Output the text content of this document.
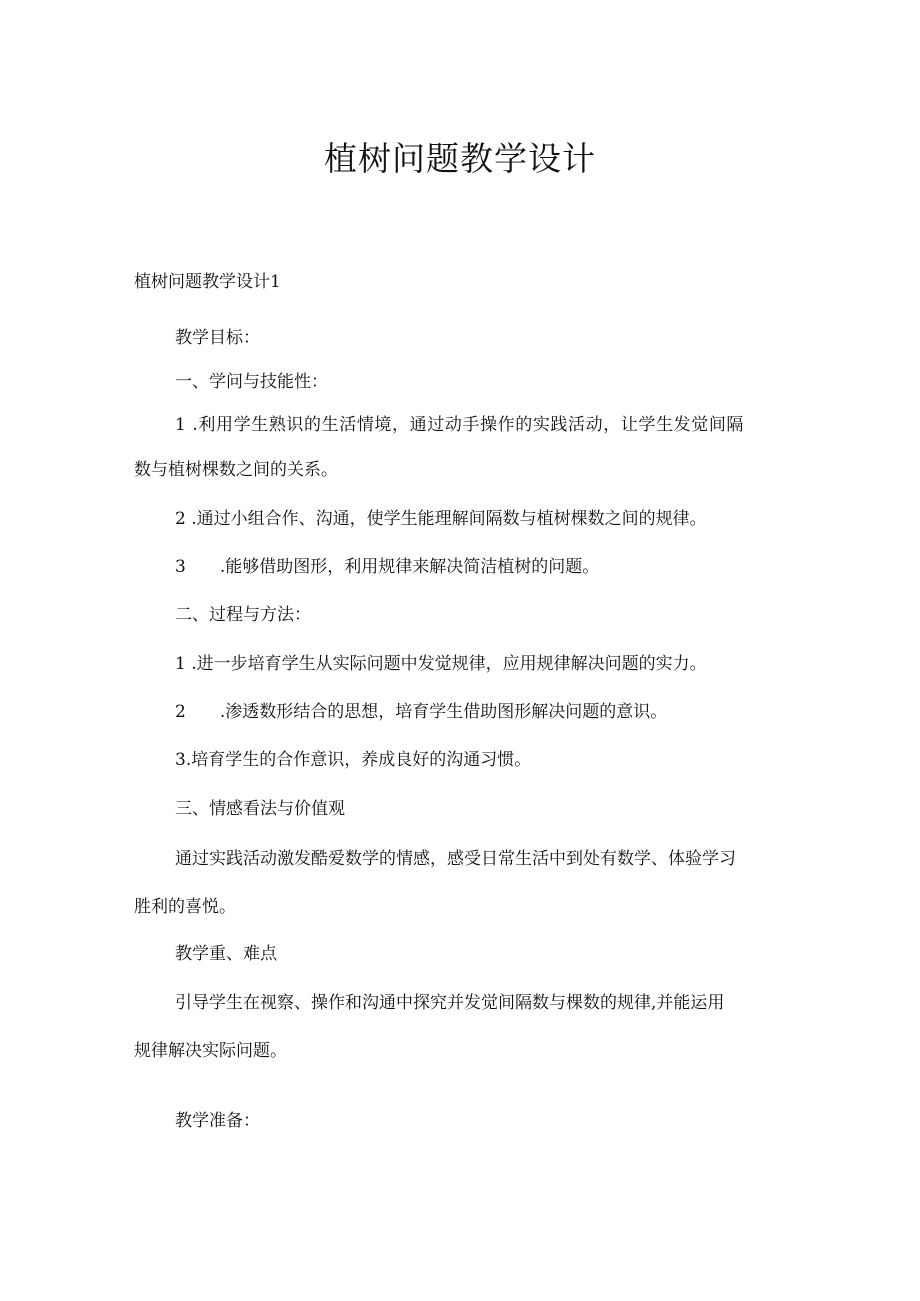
植树问题教学设计

植树问题教学设计1

教学目标：

一、学问与技能性：

1 .利用学生熟识的生活情境，通过动手操作的实践活动，让学生发觉间隔

数与植树棵数之间的关系。

2 .通过小组合作、沟通，使学生能理解间隔数与植树棵数之间的规律。

3　　.能够借助图形，利用规律来解决简洁植树的问题。

二、过程与方法：

1 .进一步培育学生从实际问题中发觉规律，应用规律解决问题的实力。

2　　.渗透数形结合的思想，培育学生借助图形解决问题的意识。

3.培育学生的合作意识，养成良好的沟通习惯。

三、情感看法与价值观

通过实践活动激发酷爱数学的情感，感受日常生活中到处有数学、体验学习

胜利的喜悦。

教学重、难点

引导学生在视察、操作和沟通中探究并发觉间隔数与棵数的规律,并能运用

规律解决实际问题。

教学准备：
